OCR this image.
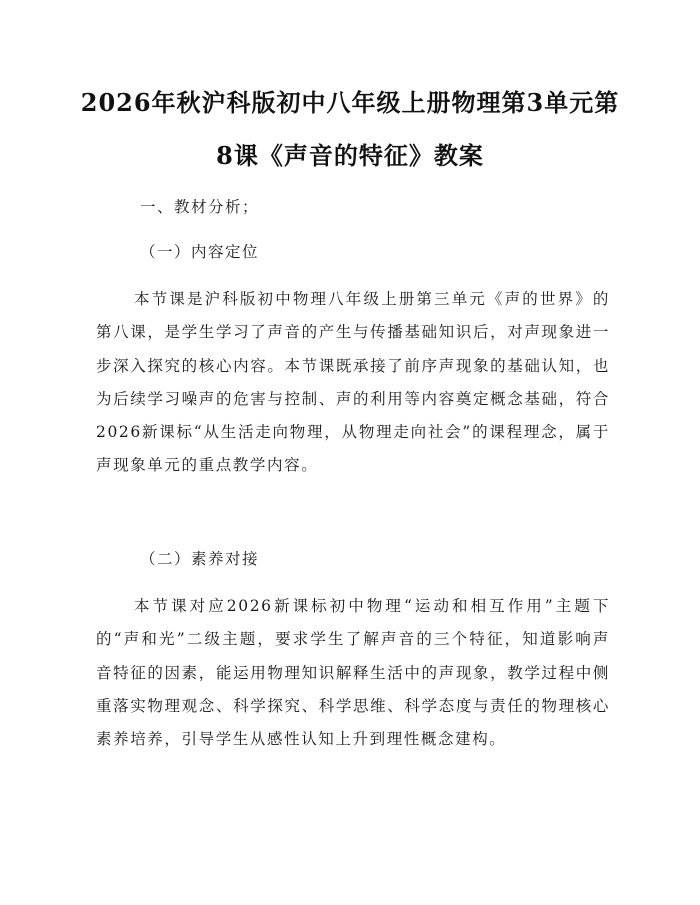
2026年秋沪科版初中八年级上册物理第3单元第8课《声音的特征》教案

一、教材分析；

（一）内容定位

本节课是沪科版初中物理八年级上册第三单元《声的世界》的第八课，是学生学习了声音的产生与传播基础知识后，对声现象进一步深入探究的核心内容。本节课既承接了前序声现象的基础认知，也为后续学习噪声的危害与控制、声的利用等内容奠定概念基础，符合2026新课标“从生活走向物理，从物理走向社会”的课程理念，属于声现象单元的重点教学内容。

（二）素养对接

本节课对应2026新课标初中物理“运动和相互作用”主题下的“声和光”二级主题，要求学生了解声音的三个特征，知道影响声音特征的因素，能运用物理知识解释生活中的声现象，教学过程中侧重落实物理观念、科学探究、科学思维、科学态度与责任的物理核心素养培养，引导学生从感性认知上升到理性概念建构。
